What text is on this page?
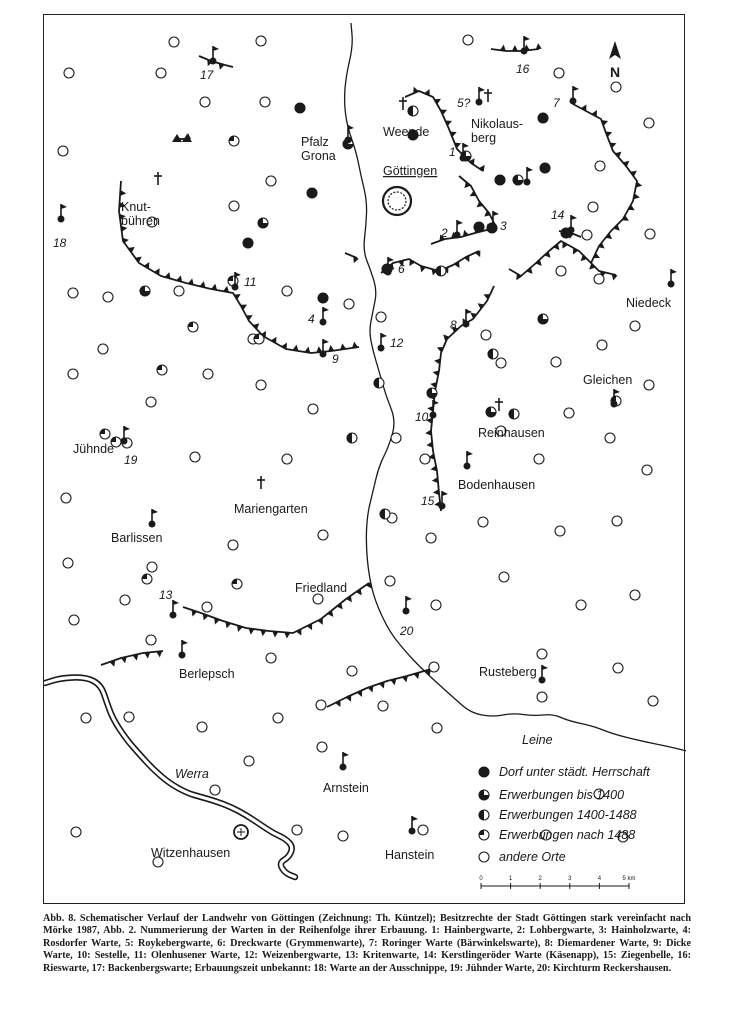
Göttingen
Weende
Nikolaus-berg
Pfalz Grona
Knut-bühren
Niedeck
Gleichen
Reinhausen
Bodenhausen
Jühnde
Mariengarten
Barlissen
Friedland
Berlepsch	Rusteberg
Arnstein
Witzenhausen	Hanstein
1
2	3
4
5?
6
7
8
9
10
11
12
13
14
15
16
17
18
19
20
Leine
Werra
N
Dorf unter städt. Herrschaft
Erwerbungen bis 1400
Erwerbungen 1400-1488
Erwerbungen nach 1488
andere Orte
0	1	2	3	4	5 km
Abb. 8. Schematischer Verlauf der Landwehr von Göttingen (Zeichnung: Th. Küntzel); Besitzrechte der Stadt Göttingen stark vereinfacht nach Mörke 1987, Abb. 2. Nummerierung der Warten in der Reihenfolge ihrer Erbauung. 1: Hainbergwarte, 2: Lohbergwarte, 3: Hainholzwarte, 4: Rosdorfer Warte, 5: Roykebergwarte, 6: Dreckwarte (Grymmenwarte), 7: Roringer Warte (Bärwinkelswarte), 8: Diemardener Warte, 9: Dicke Warte, 10: Sestelle, 11: Olenhusener Warte, 12: Weizenbergwarte, 13: Kritenwarte, 14: Kerstlingeröder Warte (Käsenapp), 15: Ziegenbelle, 16: Rieswarte, 17: Backenbergswarte; Erbauungszeit unbekannt: 18: Warte an der Ausschnippe, 19: Jühnder Warte, 20: Kirchturm Reckershausen.
